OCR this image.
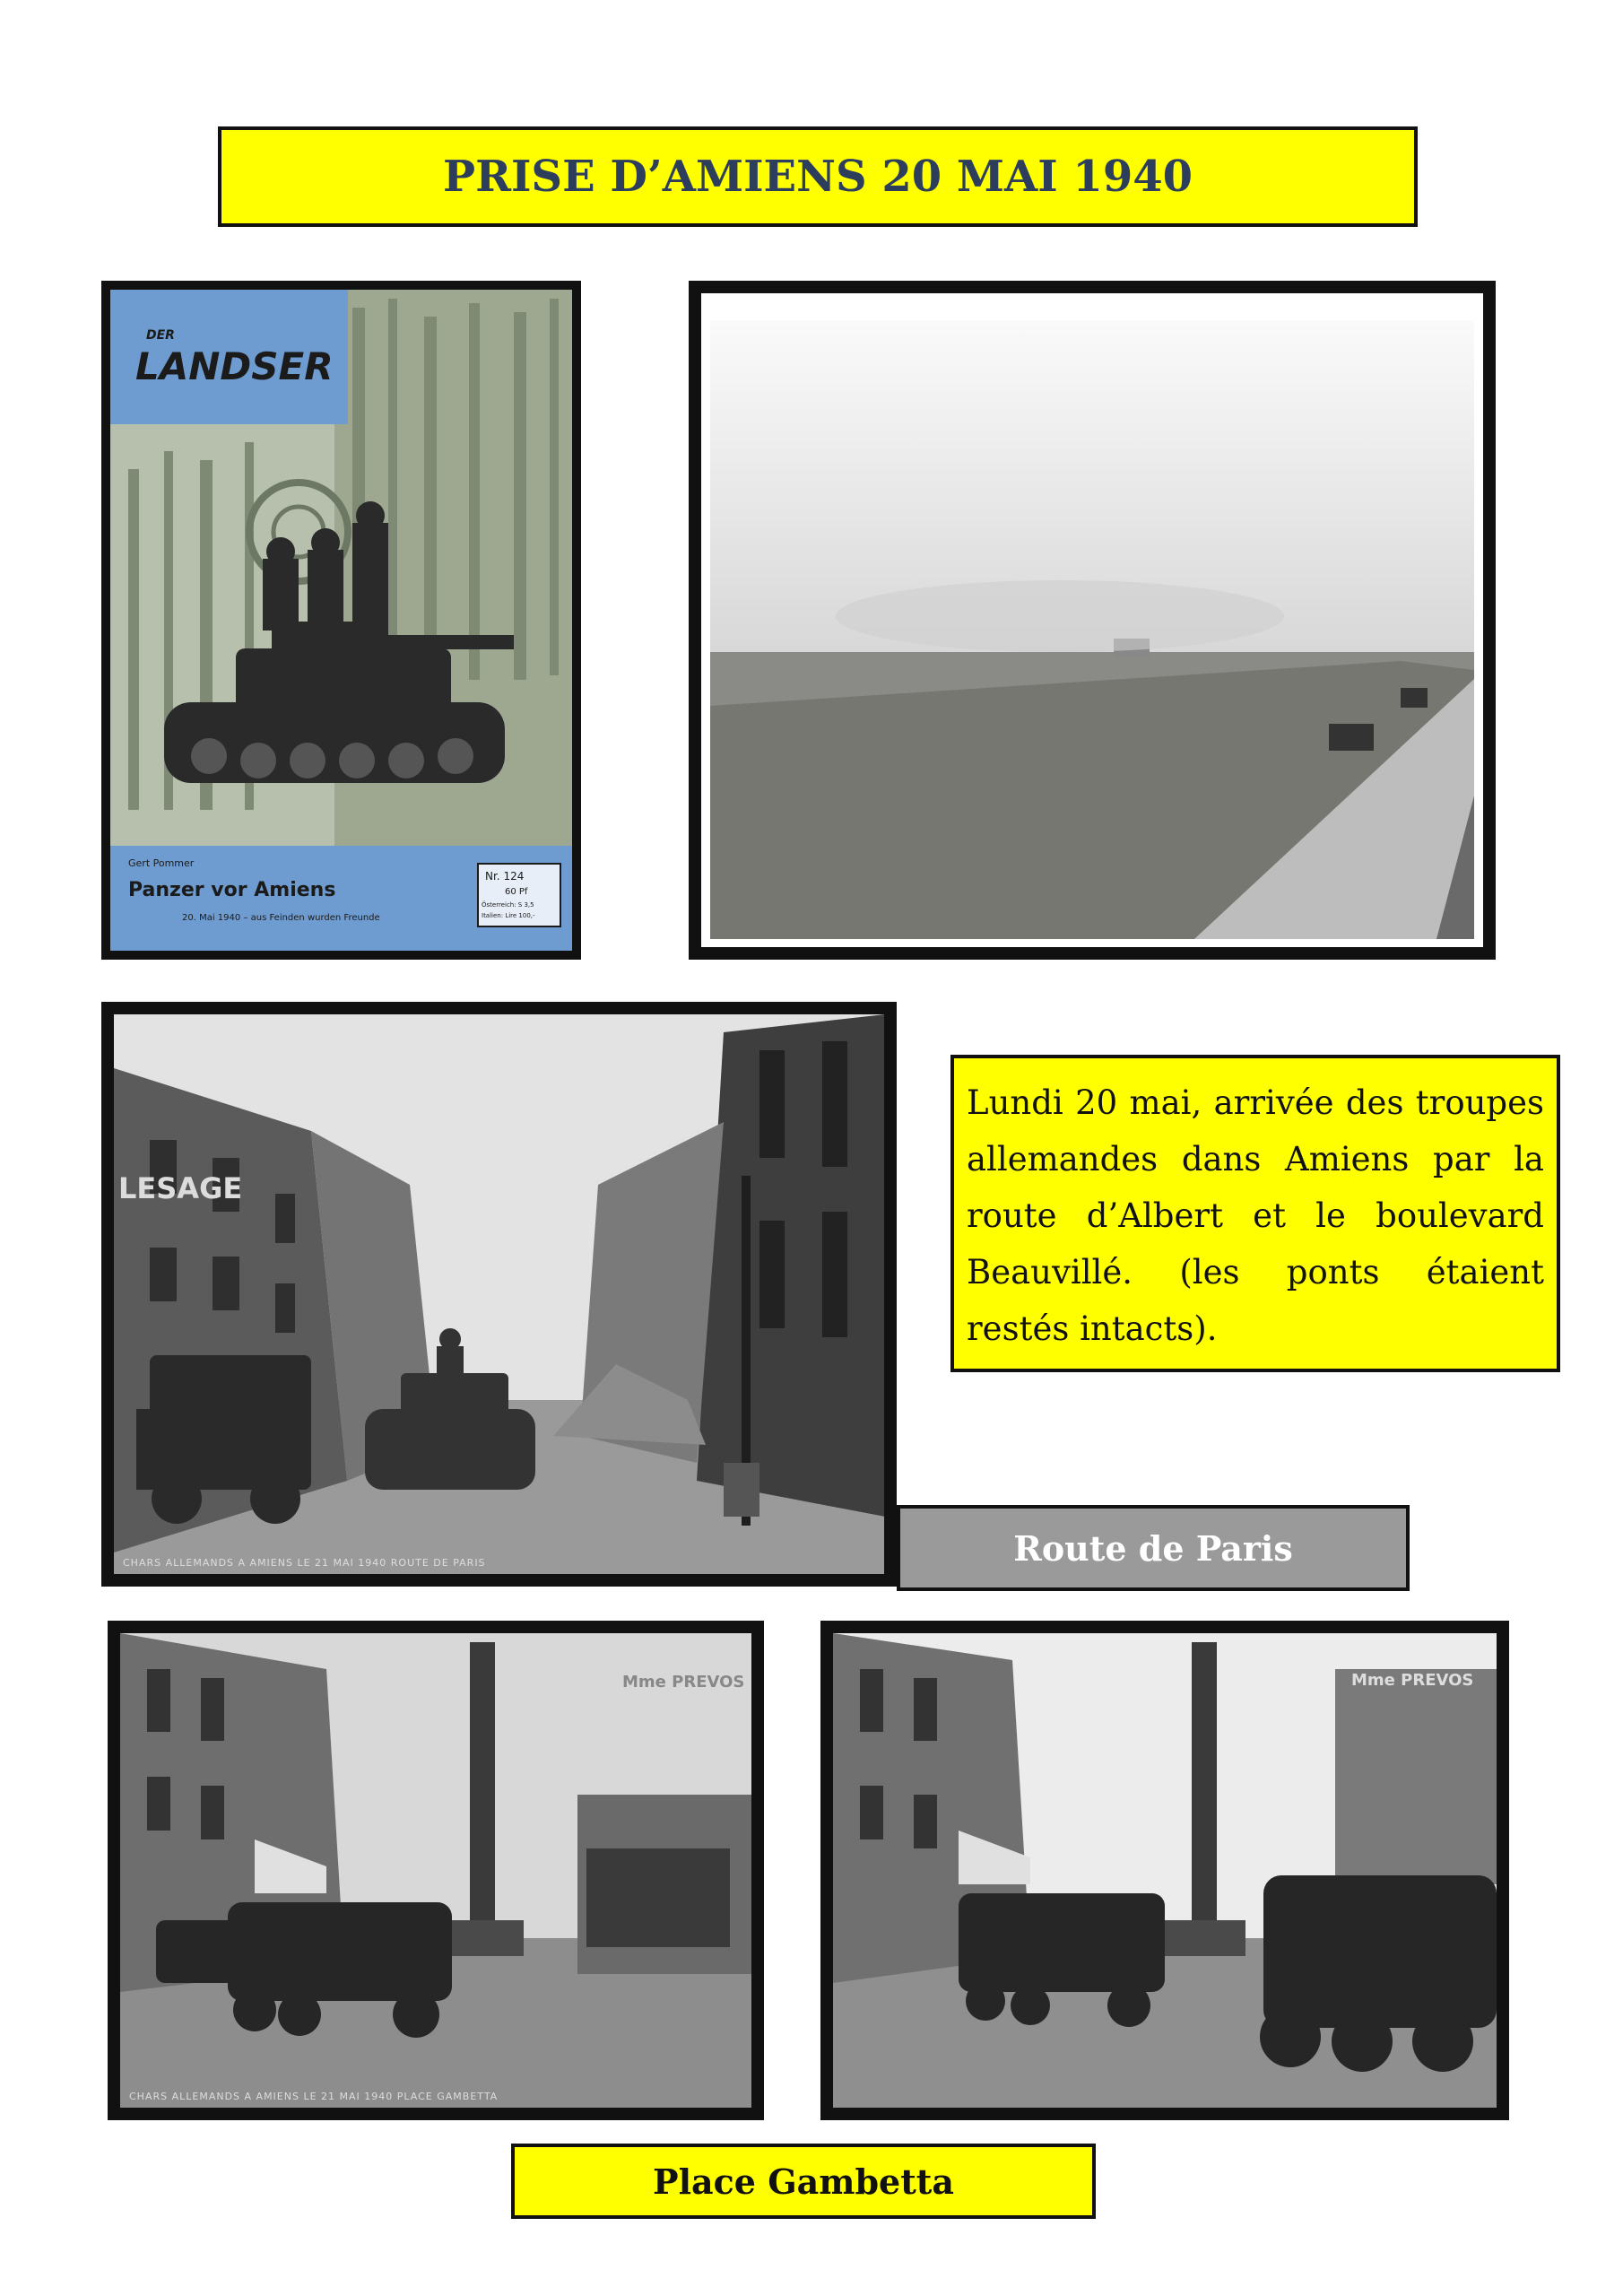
PRISE D’AMIENS 20 MAI 1940
DER
LANDSER
Gert Pommer
Panzer vor Amiens
20. Mai 1940 – aus Feinden wurden Freunde
Nr. 124
60 Pf
Österreich: S 3,5
Italien: Lire 100,-
Lundi 20 mai, arrivée des troupes allemandes dans Amiens par la route d’Albert et le boulevard Beauvillé. (les ponts étaient restés intacts).
LESAGE
CHARS ALLEMANDS A AMIENS LE 21 MAI 1940 ROUTE DE PARIS	Route de Paris
Mme PREVOS
CHARS ALLEMANDS A AMIENS LE 21 MAI 1940 PLACE GAMBETTA
Mme PREVOS
Place Gambetta
